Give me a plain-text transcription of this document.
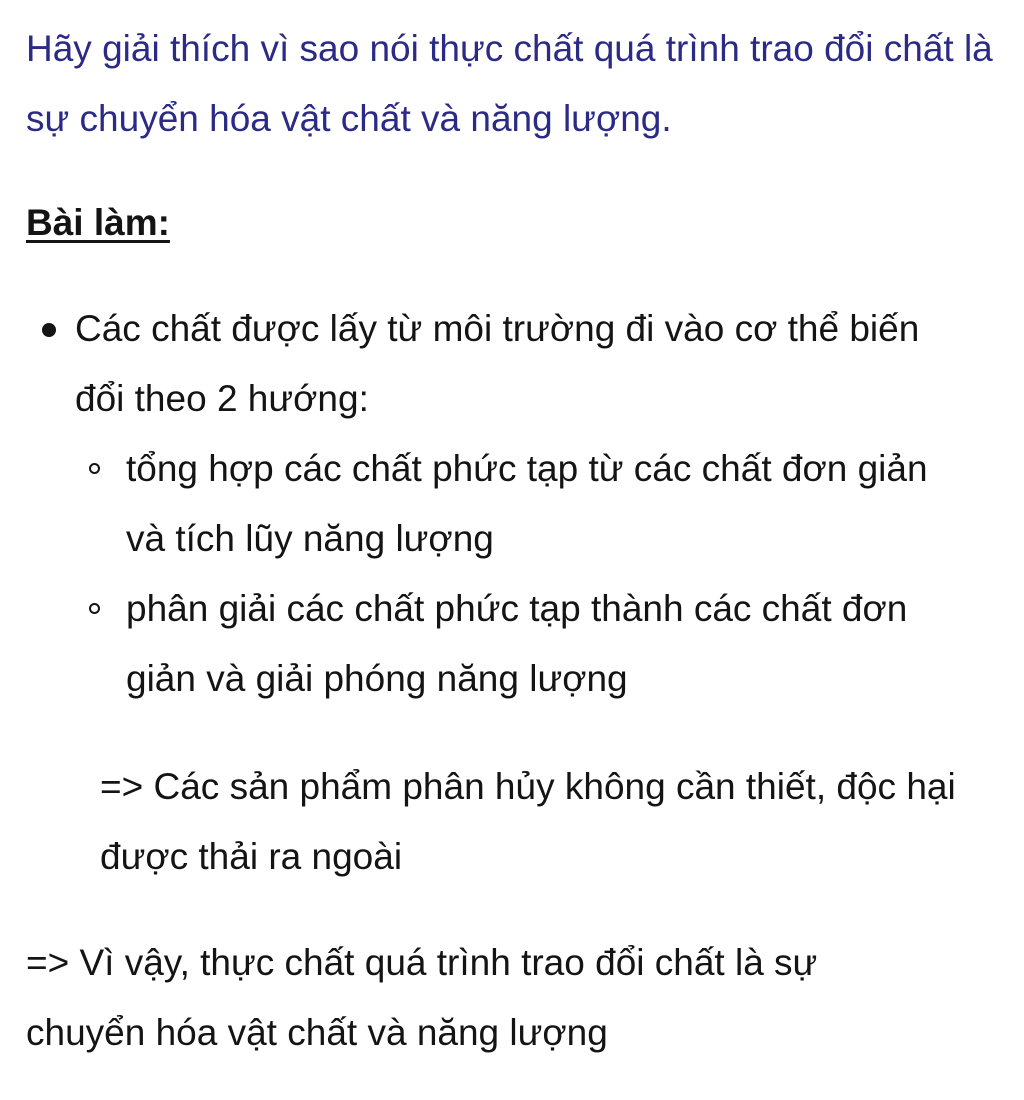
Hãy giải thích vì sao nói thực chất quá trình trao đổi chất là sự chuyển hóa vật chất và năng lượng.

Bài làm:

Các chất được lấy từ môi trường đi vào cơ thể biến đổi theo 2 hướng:
tổng hợp các chất phức tạp từ các chất đơn giản và tích lũy năng lượng
phân giải các chất phức tạp thành các chất đơn giản và giải phóng năng lượng

=> Các sản phẩm phân hủy không cần thiết, độc hại được thải ra ngoài

=> Vì vậy, thực chất quá trình trao đổi chất là sự chuyển hóa vật chất và năng lượng
